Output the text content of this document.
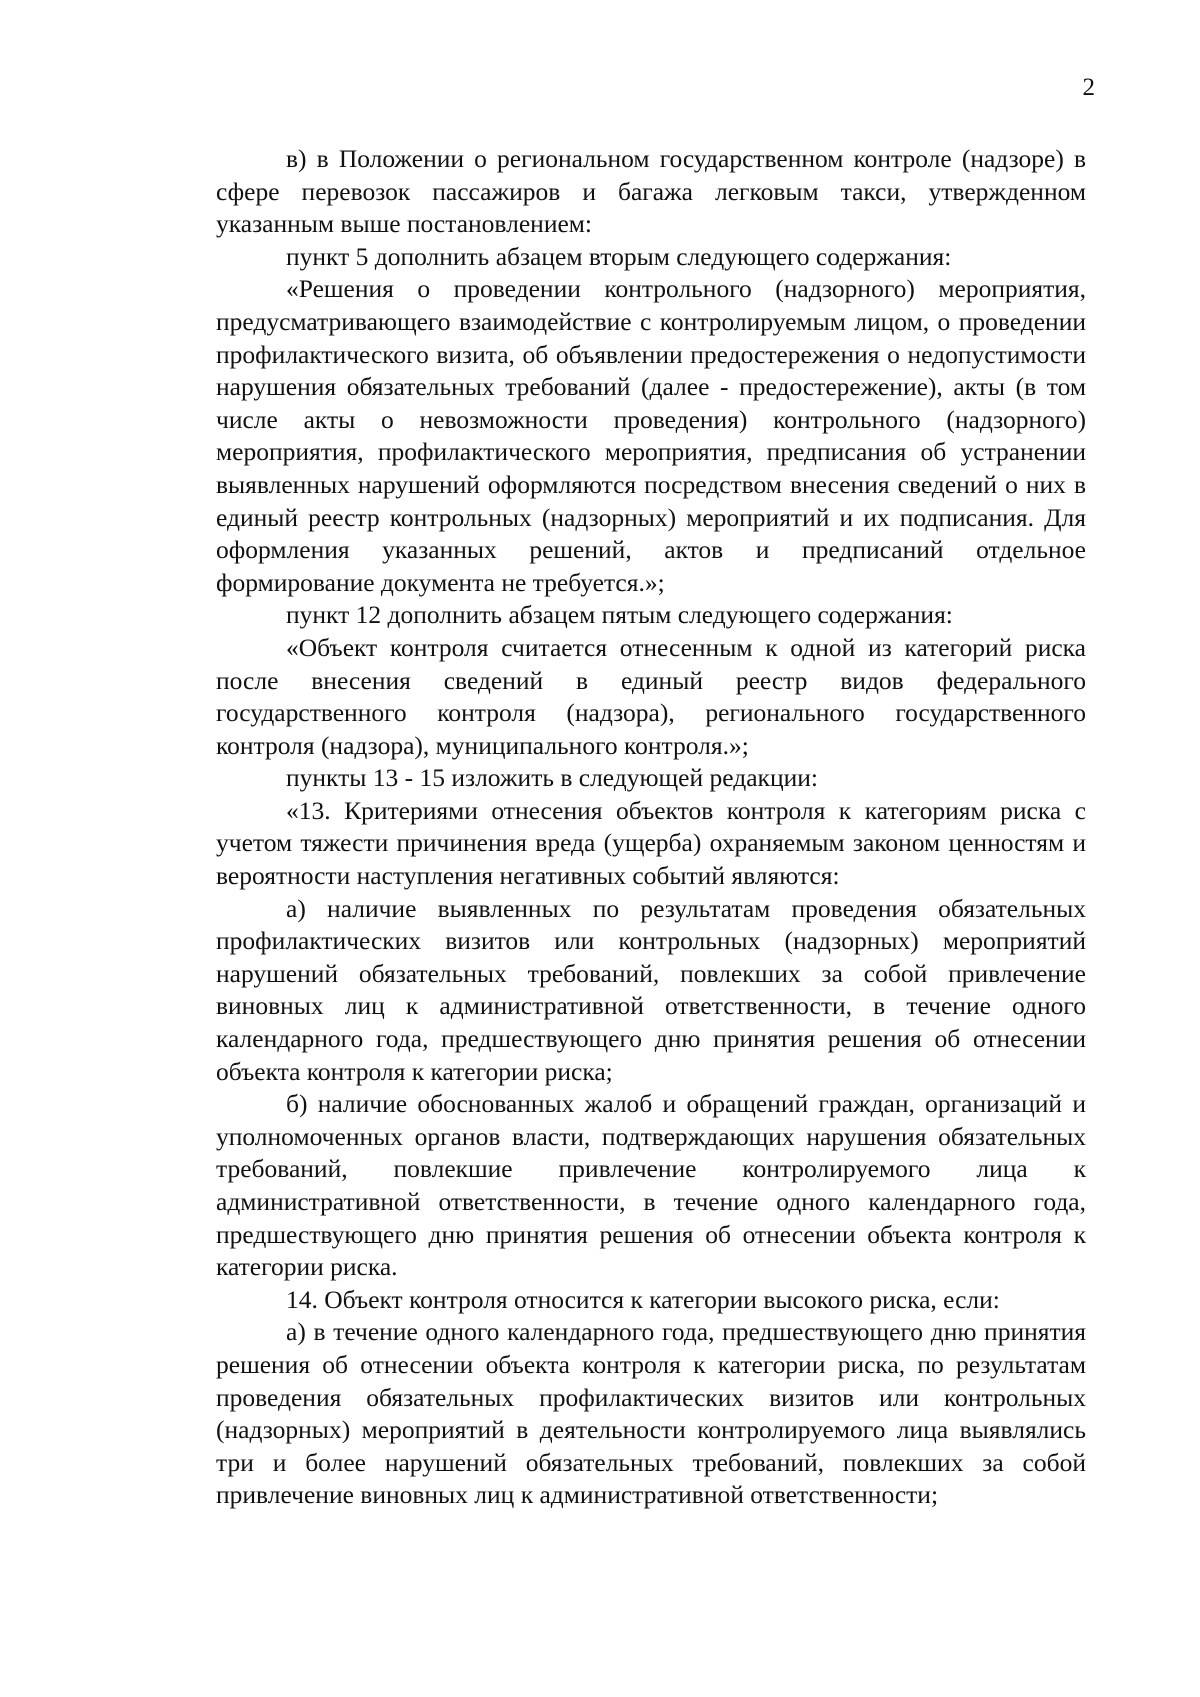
2

в) в Положении о региональном государственном контроле (надзоре) в сфере перевозок пассажиров и багажа легковым такси, утвержденном указанным выше постановлением:

пункт 5 дополнить абзацем вторым следующего содержания:

«Решения о проведении контрольного (надзорного) мероприятия, предусматривающего взаимодействие с контролируемым лицом, о проведении профилактического визита, об объявлении предостережения о недопустимости нарушения обязательных требований (далее - предостережение), акты (в том числе акты о невозможности проведения) контрольного (надзорного) мероприятия, профилактического мероприятия, предписания об устранении выявленных нарушений оформляются посредством внесения сведений о них в единый реестр контрольных (надзорных) мероприятий и их подписания. Для оформления указанных решений, актов и предписаний отдельное формирование документа не требуется.»;

пункт 12 дополнить абзацем пятым следующего содержания:

«Объект контроля считается отнесенным к одной из категорий риска после внесения сведений в единый реестр видов федерального государственного контроля (надзора), регионального государственного контроля (надзора), муниципального контроля.»;

пункты 13 - 15 изложить в следующей редакции:

«13. Критериями отнесения объектов контроля к категориям риска с учетом тяжести причинения вреда (ущерба) охраняемым законом ценностям и вероятности наступления негативных событий являются:

а) наличие выявленных по результатам проведения обязательных профилактических визитов или контрольных (надзорных) мероприятий нарушений обязательных требований, повлекших за собой привлечение виновных лиц к административной ответственности, в течение одного календарного года, предшествующего дню принятия решения об отнесении объекта контроля к категории риска;

б) наличие обоснованных жалоб и обращений граждан, организаций и уполномоченных органов власти, подтверждающих нарушения обязательных требований, повлекшие привлечение контролируемого лица к административной ответственности, в течение одного календарного года, предшествующего дню принятия решения об отнесении объекта контроля к категории риска.

14. Объект контроля относится к категории высокого риска, если:

а) в течение одного календарного года, предшествующего дню принятия решения об отнесении объекта контроля к категории риска, по результатам проведения обязательных профилактических визитов или контрольных (надзорных) мероприятий в деятельности контролируемого лица выявлялись три и более нарушений обязательных требований, повлекших за собой привлечение виновных лиц к административной ответственности;
